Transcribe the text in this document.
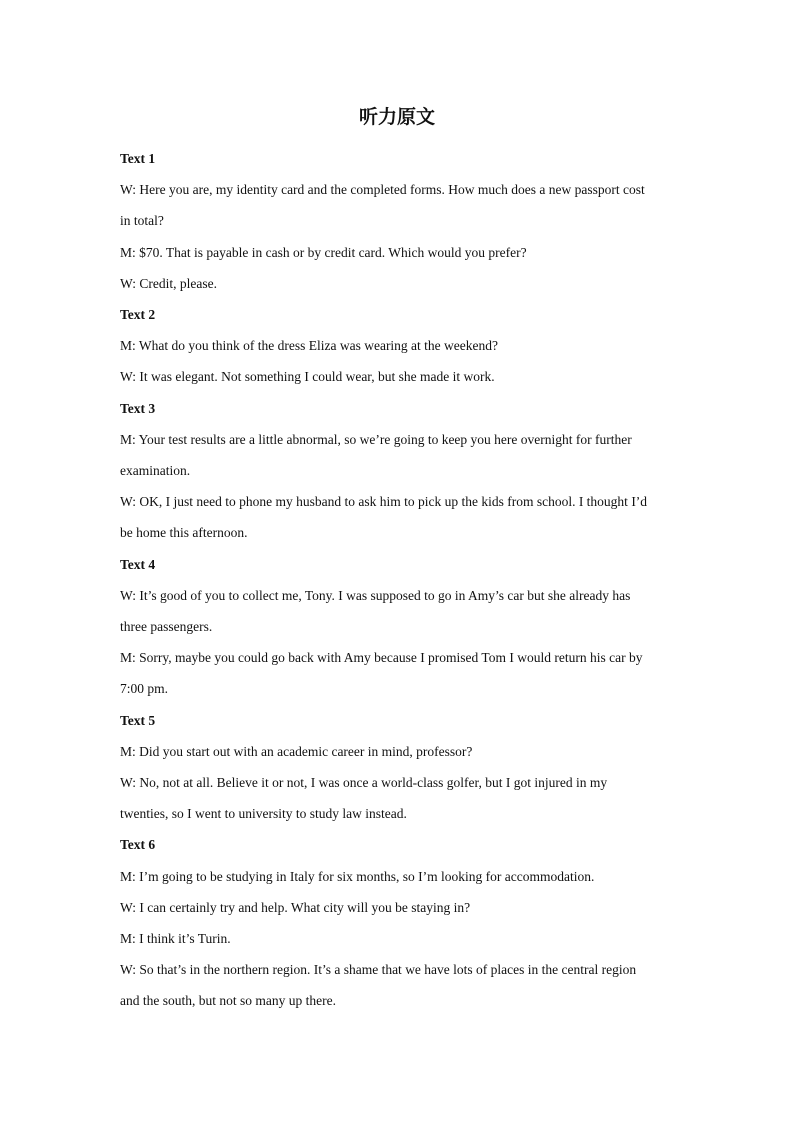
听力原文
Text 1
W: Here you are, my identity card and the completed forms. How much does a new passport cost
in total?
M: $70. That is payable in cash or by credit card. Which would you prefer?
W: Credit, please.
Text 2
M: What do you think of the dress Eliza was wearing at the weekend?
W: It was elegant. Not something I could wear, but she made it work.
Text 3
M: Your test results are a little abnormal, so we’re going to keep you here overnight for further
examination.
W: OK, I just need to phone my husband to ask him to pick up the kids from school. I thought I’d
be home this afternoon.
Text 4
W: It’s good of you to collect me, Tony. I was supposed to go in Amy’s car but she already has
three passengers.
M: Sorry, maybe you could go back with Amy because I promised Tom I would return his car by
7:00 pm.
Text 5
M: Did you start out with an academic career in mind, professor?
W: No, not at all. Believe it or not, I was once a world-class golfer, but I got injured in my
twenties, so I went to university to study law instead.
Text 6
M: I’m going to be studying in Italy for six months, so I’m looking for accommodation.
W: I can certainly try and help. What city will you be staying in?
M: I think it’s Turin.
W: So that’s in the northern region. It’s a shame that we have lots of places in the central region
and the south, but not so many up there.
